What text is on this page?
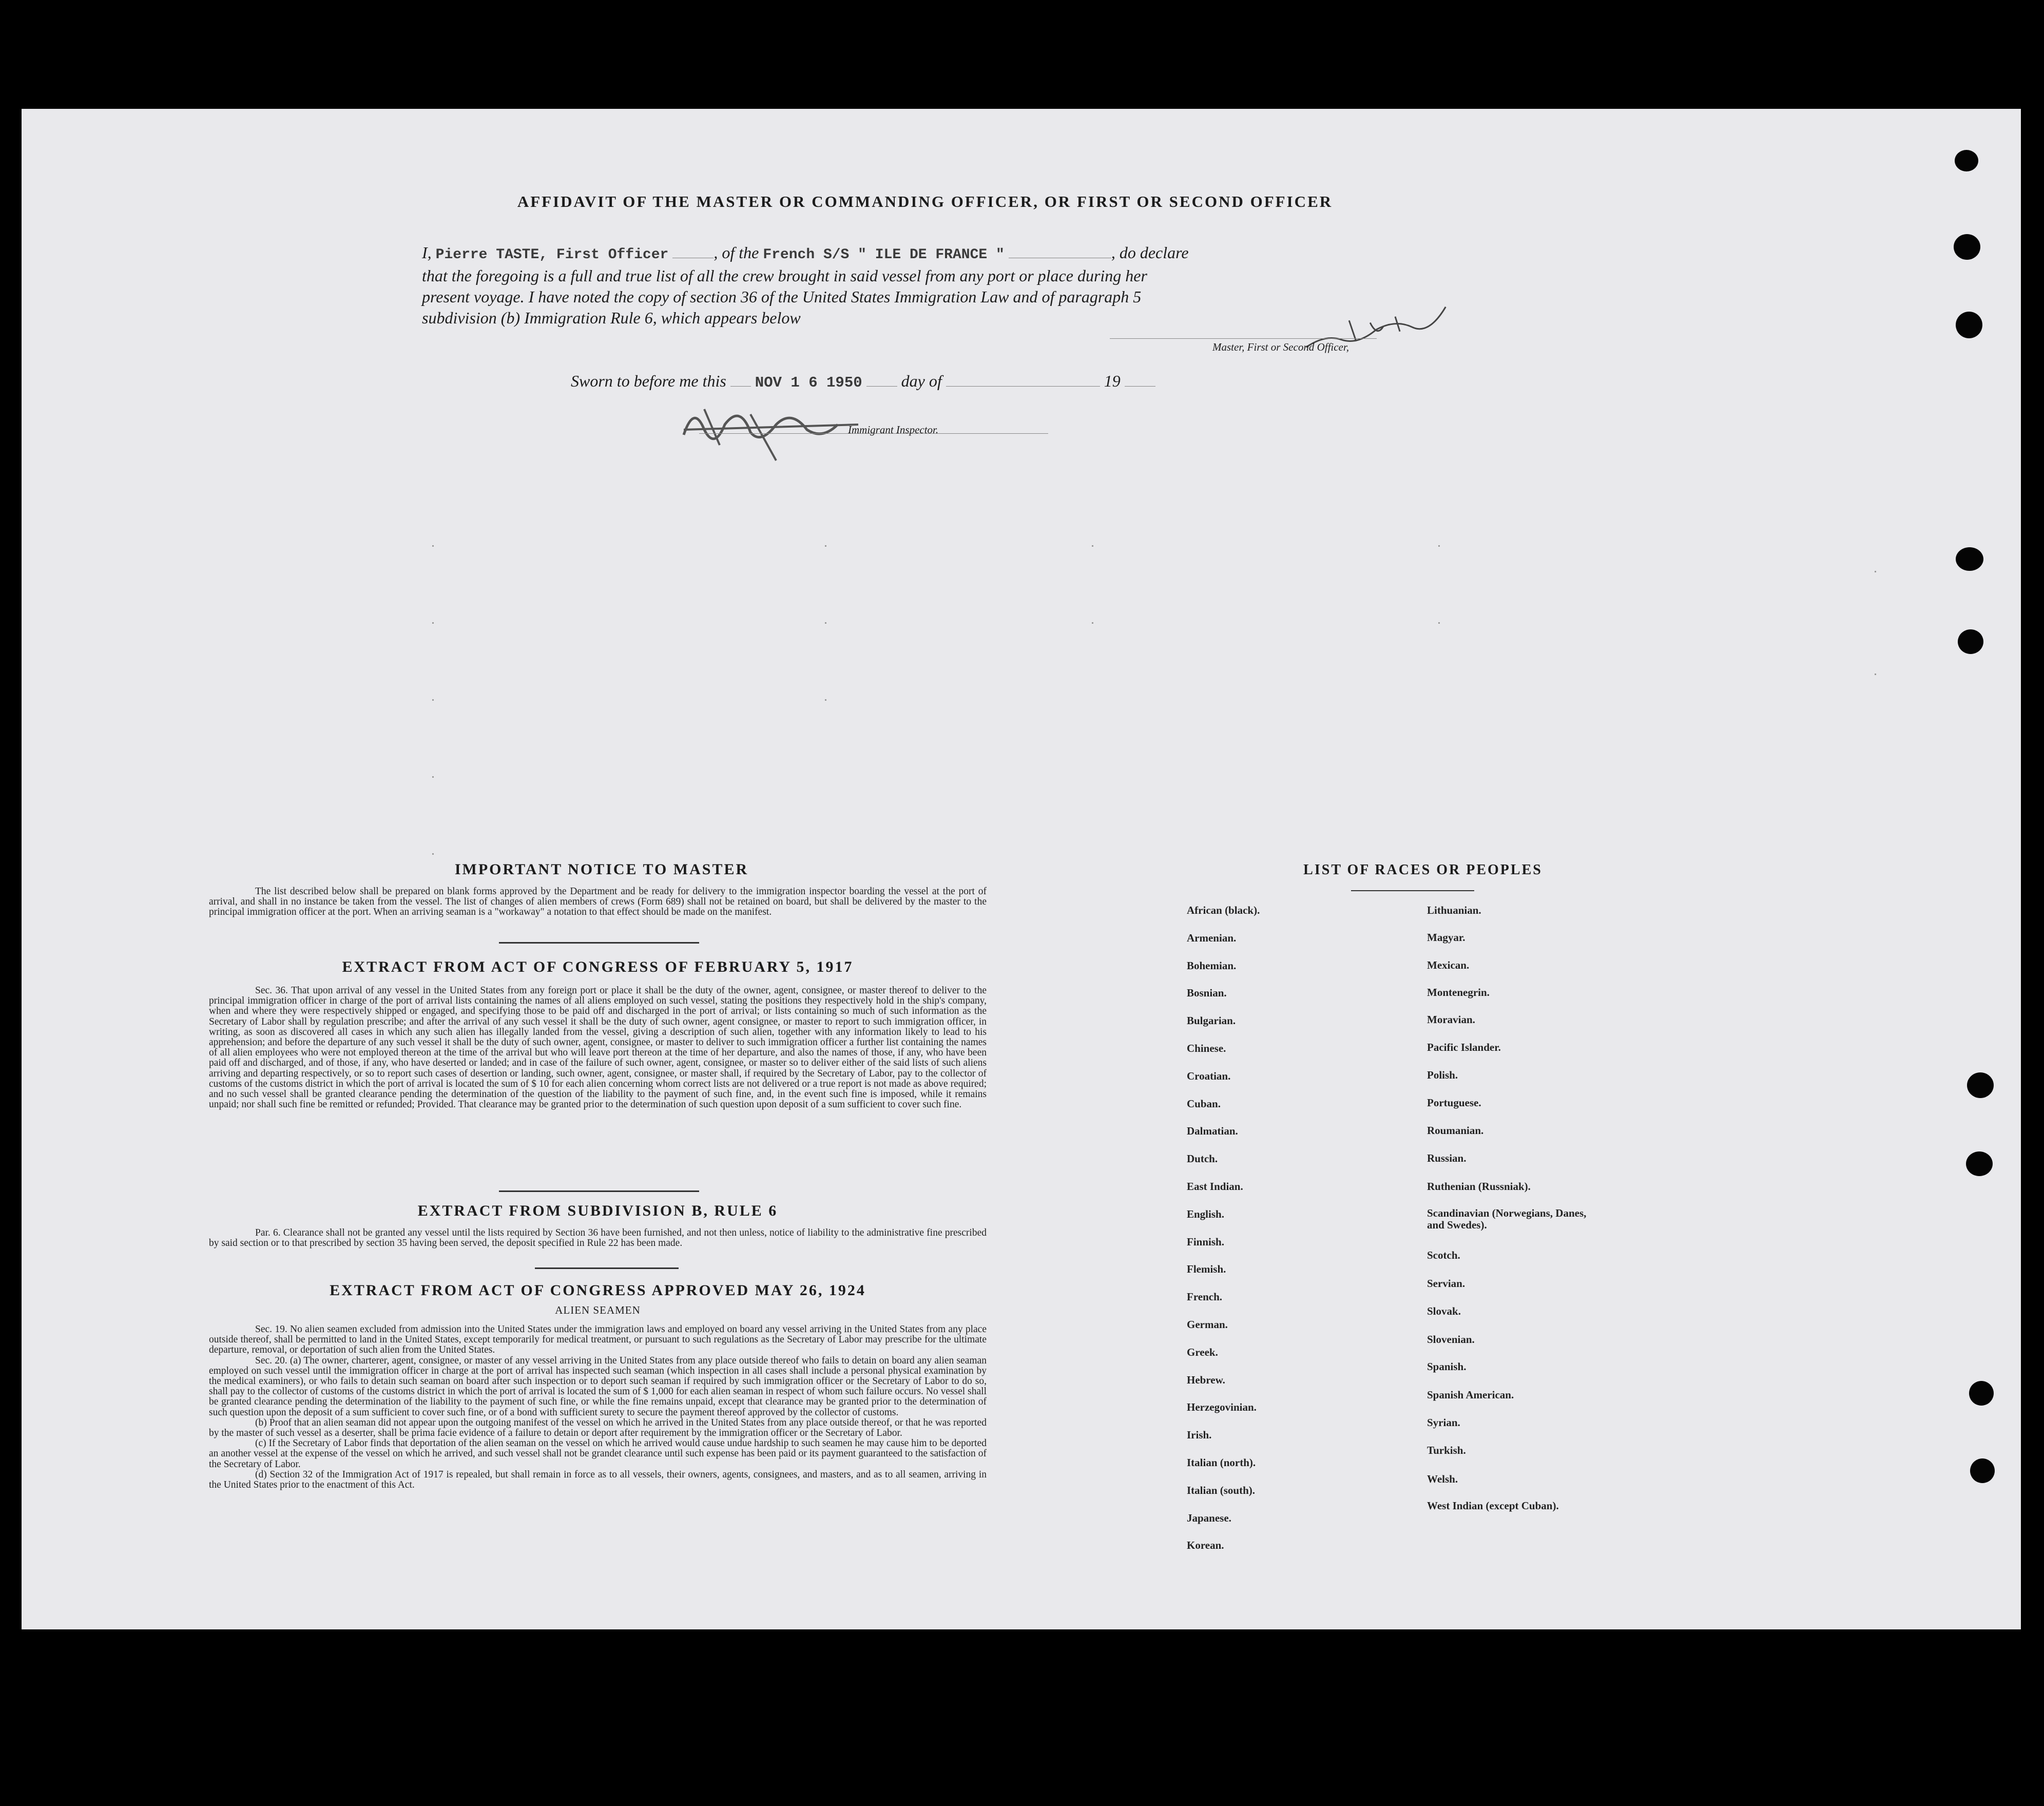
AFFIDAVIT OF THE MASTER OR COMMANDING OFFICER, OR FIRST OR SECOND OFFICER
I, Pierre TASTE, First Officer	, of the French S/S " ILE DE FRANCE "	, do declare
that the foregoing is a full and true list of all the crew brought in said vessel from any port or place during her
present voyage. I have noted the copy of section 36 of the United States Immigration Law and of paragraph 5
subdivision (b) Immigration Rule 6, which appears below
Master, First or Second Officer,
Sworn to before me this NOV 1 6 1950 day of	19
Immigrant Inspector.
IMPORTANT NOTICE TO MASTER

The list described below shall be prepared on blank forms approved by the Department and be ready for delivery to the immigration inspector boarding the vessel at the port of arrival, and shall in no instance be taken from the vessel. The list of changes of alien members of crews (Form 689) shall not be retained on board, but shall be delivered by the master to the principal immigration officer at the port. When an arriving seaman is a "workaway" a notation to that effect should be made on the manifest.

EXTRACT FROM ACT OF CONGRESS OF FEBRUARY 5, 1917

Sec. 36. That upon arrival of any vessel in the United States from any foreign port or place it shall be the duty of the owner, agent, consignee, or master thereof to deliver to the principal immigration officer in charge of the port of arrival lists containing the names of all aliens employed on such vessel, stating the positions they respectively hold in the ship's company, when and where they were respectively shipped or engaged, and specifying those to be paid off and discharged in the port of arrival; or lists containing so much of such information as the Secretary of Labor shall by regulation prescribe; and after the arrival of any such vessel it shall be the duty of such owner, agent consignee, or master to report to such immigration officer, in writing, as soon as discovered all cases in which any such alien has illegally landed from the vessel, giving a description of such alien, together with any information likely to lead to his apprehension; and before the departure of any such vessel it shall be the duty of such owner, agent, consignee, or master to deliver to such immigration officer a further list containing the names of all alien employees who were not employed thereon at the time of the arrival but who will leave port thereon at the time of her departure, and also the names of those, if any, who have been paid off and discharged, and of those, if any, who have deserted or landed; and in case of the failure of such owner, agent, consignee, or master so to deliver either of the said lists of such aliens arriving and departing respectively, or so to report such cases of desertion or landing, such owner, agent, consignee, or master shall, if required by the Secretary of Labor, pay to the collector of customs of the customs district in which the port of arrival is located the sum of $ 10 for each alien concerning whom correct lists are not delivered or a true report is not made as above required; and no such vessel shall be granted clearance pending the determination of the question of the liability to the payment of such fine, and, in the event such fine is imposed, while it remains unpaid; nor shall such fine be remitted or refunded; Provided. That clearance may be granted prior to the determination of such question upon deposit of a sum sufficient to cover such fine.

EXTRACT FROM SUBDIVISION B, RULE 6

Par. 6. Clearance shall not be granted any vessel until the lists required by Section 36 have been furnished, and not then unless, notice of liability to the administrative fine prescribed by said section or to that prescribed by section 35 having been served, the deposit specified in Rule 22 has been made.

EXTRACT FROM ACT OF CONGRESS APPROVED MAY 26, 1924
ALIEN SEAMEN

Sec. 19. No alien seamen excluded from admission into the United States under the immigration laws and employed on board any vessel arriving in the United States from any place outside thereof, shall be permitted to land in the United States, except temporarily for medical treatment, or pursuant to such regulations as the Secretary of Labor may prescribe for the ultimate departure, removal, or deportation of such alien from the United States.

Sec. 20. (a) The owner, charterer, agent, consignee, or master of any vessel arriving in the United States from any place outside thereof who fails to detain on board any alien seaman employed on such vessel until the immigration officer in charge at the port of arrival has inspected such seaman (which inspection in all cases shall include a personal physical examination by the medical examiners), or who fails to detain such seaman on board after such inspection or to deport such seaman if required by such immigration officer or the Secretary of Labor to do so, shall pay to the collector of customs of the customs district in which the port of arrival is located the sum of $ 1,000 for each alien seaman in respect of whom such failure occurs. No vessel shall be granted clearance pending the determination of the liability to the payment of such fine, or while the fine remains unpaid, except that clearance may be granted prior to the determination of such question upon the deposit of a sum sufficient to cover such fine, or of a bond with sufficient surety to secure the payment thereof approved by the collector of customs.

(b) Proof that an alien seaman did not appear upon the outgoing manifest of the vessel on which he arrived in the United States from any place outside thereof, or that he was reported by the master of such vessel as a deserter, shall be prima facie evidence of a failure to detain or deport after requirement by the immigration officer or the Secretary of Labor.

(c) If the Secretary of Labor finds that deportation of the alien seaman on the vessel on which he arrived would cause undue hardship to such seamen he may cause him to be deported an another vessel at the expense of the vessel on which he arrived, and such vessel shall not be grandet clearance until such expense has been paid or its payment guaranteed to the satisfaction of the Secretary of Labor.

(d) Section 32 of the Immigration Act of 1917 is repealed, but shall remain in force as to all vessels, their owners, agents, consignees, and masters, and as to all seamen, arriving in the United States prior to the enactment of this Act.

LIST OF RACES OR PEOPLES
African (black).
Armenian.
Bohemian.
Bosnian.
Bulgarian.
Chinese.
Croatian.
Cuban.
Dalmatian.
Dutch.
East Indian.
English.
Finnish.
Flemish.
French.
German.
Greek.
Hebrew.
Herzegovinian.
Irish.
Italian (north).
Italian (south).
Japanese.
Korean.
Lithuanian.
Magyar.
Mexican.
Montenegrin.
Moravian.
Pacific Islander.
Polish.
Portuguese.
Roumanian.
Russian.
Ruthenian (Russniak).
Scandinavian (Norwegians, Danes, and Swedes).
Scotch.
Servian.
Slovak.
Slovenian.
Spanish.
Spanish American.
Syrian.
Turkish.
Welsh.
West Indian (except Cuban).
